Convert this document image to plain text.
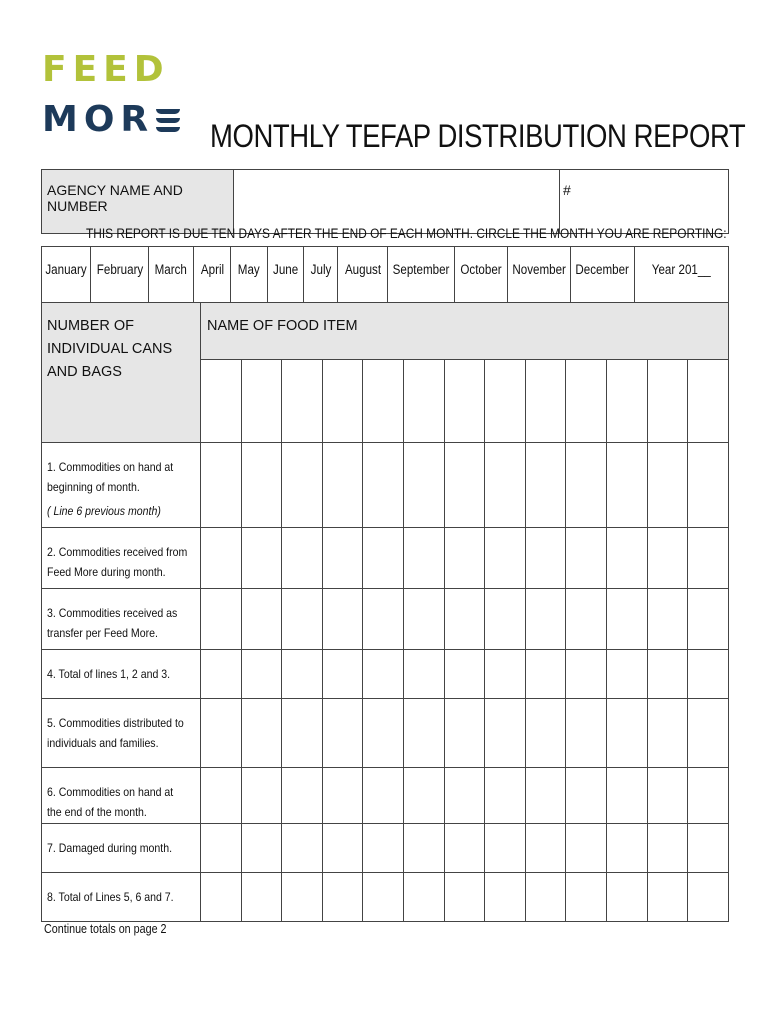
FEED
MOR MONTHLY TEFAP DISTRIBUTION REPORT
AGENCY NAME AND NUMBER		#
THIS REPORT IS DUE TEN DAYS AFTER THE END OF EACH MONTH. CIRCLE THE MONTH YOU ARE REPORTING:
January	February	March	April	May	June	July	August	September	October	November	December	Year 201__
NUMBER OF INDIVIDUAL CANS AND BAGS	NAME OF FOOD ITEM												

1. Commodities on hand at beginning of month.
( Line 6 previous month)													

2. Commodities received from Feed More during month.													
3. Commodities received as transfer per Feed More.													
4. Total of lines 1, 2 and 3.													
5. Commodities distributed to individuals and families.													
6. Commodities on hand at the end of the month.													
7. Damaged during month.													
8. Total of Lines 5, 6 and 7.													
Continue totals on page 2
